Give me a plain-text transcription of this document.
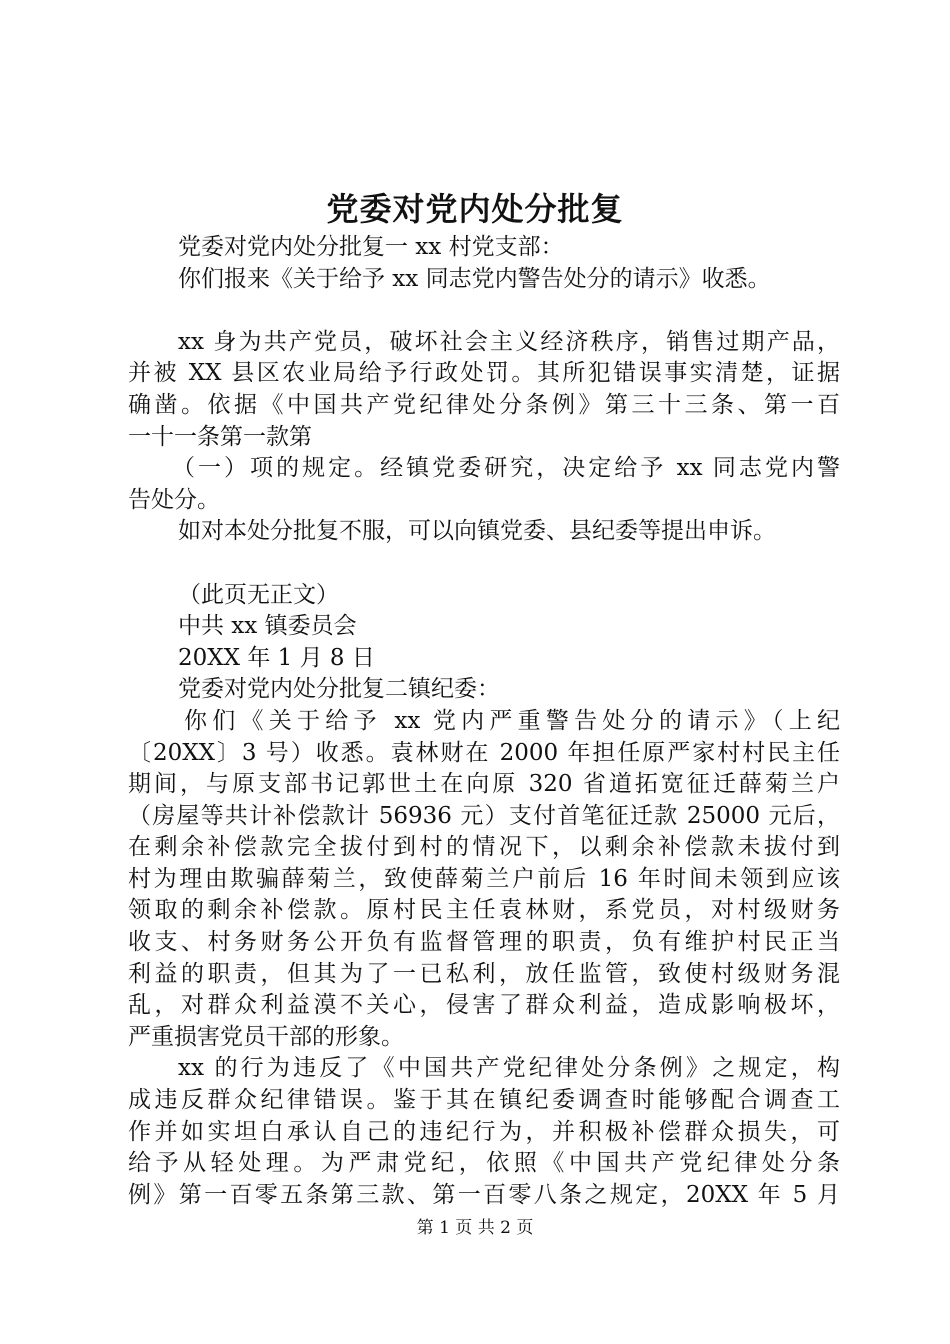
党委对党内处分批复
党委对党内处分批复一 xx 村党支部：
你们报来《关于给予 xx 同志党内警告处分的请示》收悉。
xx 身为共产党员，破坏社会主义经济秩序，销售过期产品，
并被 XX 县区农业局给予行政处罚。其所犯错误事实清楚，证据
确凿。依据《中国共产党纪律处分条例》第三十三条、第一百
一十一条第一款第
（一）项的规定。经镇党委研究，决定给予 xx 同志党内警
告处分。
如对本处分批复不服，可以向镇党委、县纪委等提出申诉。
（此页无正文）
中共 xx 镇委员会
20XX 年 1 月 8 日
党委对党内处分批复二镇纪委：
你们《关于给予 xx 党内严重警告处分的请示》（上纪
〔20XX〕3 号）收悉。袁林财在 2000 年担任原严家村村民主任
期间，与原支部书记郭世土在向原 320 省道拓宽征迁薛菊兰户
（房屋等共计补偿款计 56936 元）支付首笔征迁款 25000 元后，
在剩余补偿款完全拔付到村的情况下，以剩余补偿款未拔付到
村为理由欺骗薛菊兰，致使薛菊兰户前后 16 年时间未领到应该
领取的剩余补偿款。原村民主任袁林财，系党员，对村级财务
收支、村务财务公开负有监督管理的职责，负有维护村民正当
利益的职责，但其为了一已私利，放任监管，致使村级财务混
乱，对群众利益漠不关心，侵害了群众利益，造成影响极坏，
严重损害党员干部的形象。
xx 的行为违反了《中国共产党纪律处分条例》之规定，构
成违反群众纪律错误。鉴于其在镇纪委调查时能够配合调查工
作并如实坦白承认自己的违纪行为，并积极补偿群众损失，可
给予从轻处理。为严肃党纪，依照《中国共产党纪律处分条
例》第一百零五条第三款、第一百零八条之规定，20XX 年 5 月
第 1 页 共 2 页
